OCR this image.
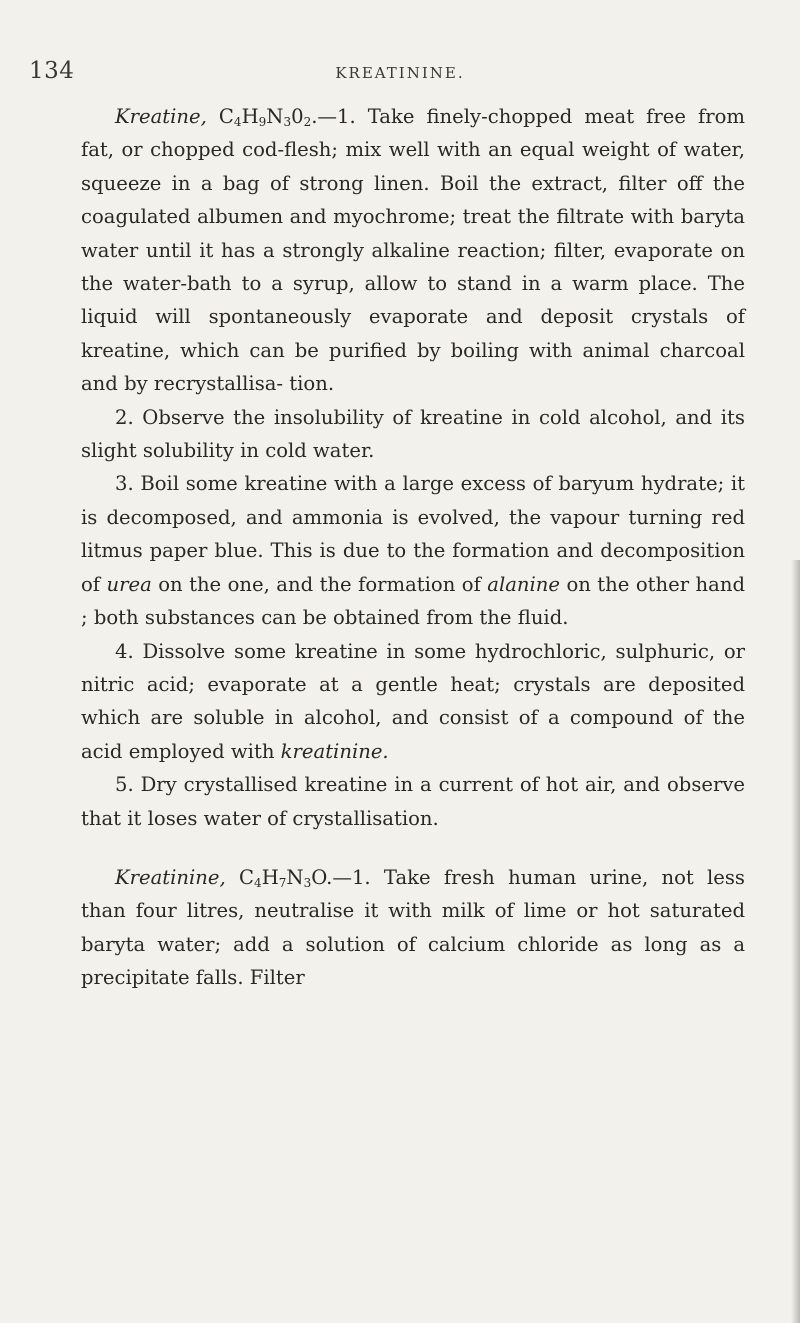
134	KREATININE.

Kreatine, $C_4H_9N_30_2.—1$. Take finely-chopped meat free from fat, or chopped cod-flesh; mix well with an equal weight of water, squeeze in a bag of strong linen. Boil the extract, filter off the coagulated albumen and myochrome; treat the filtrate with baryta water until it has a strongly alkaline reaction; filter, evaporate on the water-bath to a syrup, allow to stand in a warm place. The liquid will spontaneously evaporate and deposit crystals of kreatine, which can be purified by boiling with animal charcoal and by recrystallisa- tion.

2. Observe the insolubility of kreatine in cold alcohol, and its slight solubility in cold water.

3. Boil some kreatine with a large excess of baryum hydrate; it is decomposed, and ammonia is evolved, the vapour turning red litmus paper blue. This is due to the formation and decomposition of urea on the one, and the formation of alanine on the other hand ; both substances can be obtained from the fluid.

4. Dissolve some kreatine in some hydrochloric, sulphuric, or nitric acid; evaporate at a gentle heat; crystals are deposited which are soluble in alcohol, and consist of a compound of the acid employed with kreatinine.

5. Dry crystallised kreatine in a current of hot air, and observe that it loses water of crystallisation.

Kreatinine, $C_4H_7N_3O.—1$. Take fresh human urine, not less than four litres, neutralise it with milk of lime or hot saturated baryta water; add a solution of calcium chloride as long as a precipitate falls. Filter
